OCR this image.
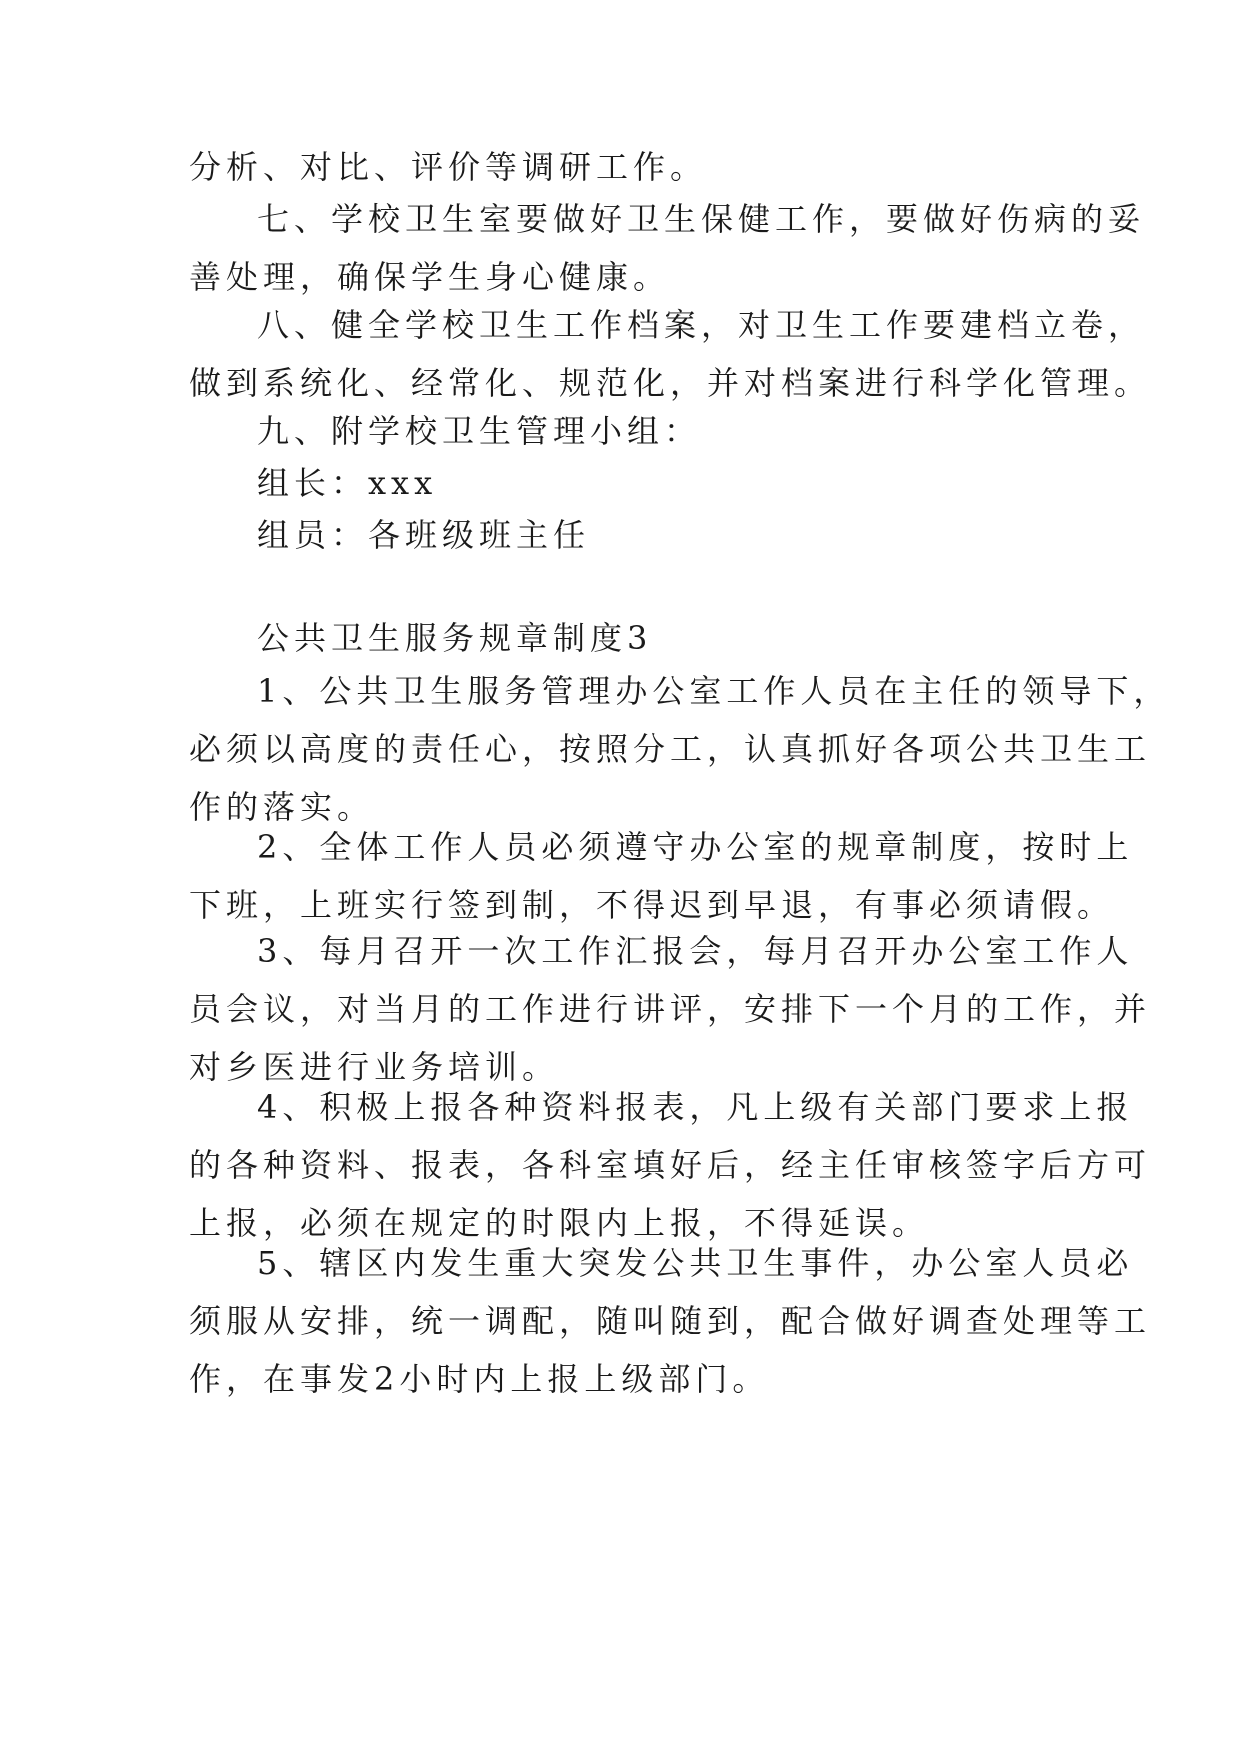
分析、对比、评价等调研工作。

七、学校卫生室要做好卫生保健工作，要做好伤病的妥
善处理，确保学生身心健康。

八、健全学校卫生工作档案，对卫生工作要建档立卷，
做到系统化、经常化、规范化，并对档案进行科学化管理。

九、附学校卫生管理小组：

组长：xxx

组员：各班级班主任

公共卫生服务规章制度3

1、公共卫生服务管理办公室工作人员在主任的领导下，
必须以高度的责任心，按照分工，认真抓好各项公共卫生工
作的落实。

2、全体工作人员必须遵守办公室的规章制度，按时上
下班，上班实行签到制，不得迟到早退，有事必须请假。

3、每月召开一次工作汇报会，每月召开办公室工作人
员会议，对当月的工作进行讲评，安排下一个月的工作，并
对乡医进行业务培训。

4、积极上报各种资料报表，凡上级有关部门要求上报
的各种资料、报表，各科室填好后，经主任审核签字后方可
上报，必须在规定的时限内上报，不得延误。

5、辖区内发生重大突发公共卫生事件，办公室人员必
须服从安排，统一调配，随叫随到，配合做好调查处理等工
作，在事发2小时内上报上级部门。
